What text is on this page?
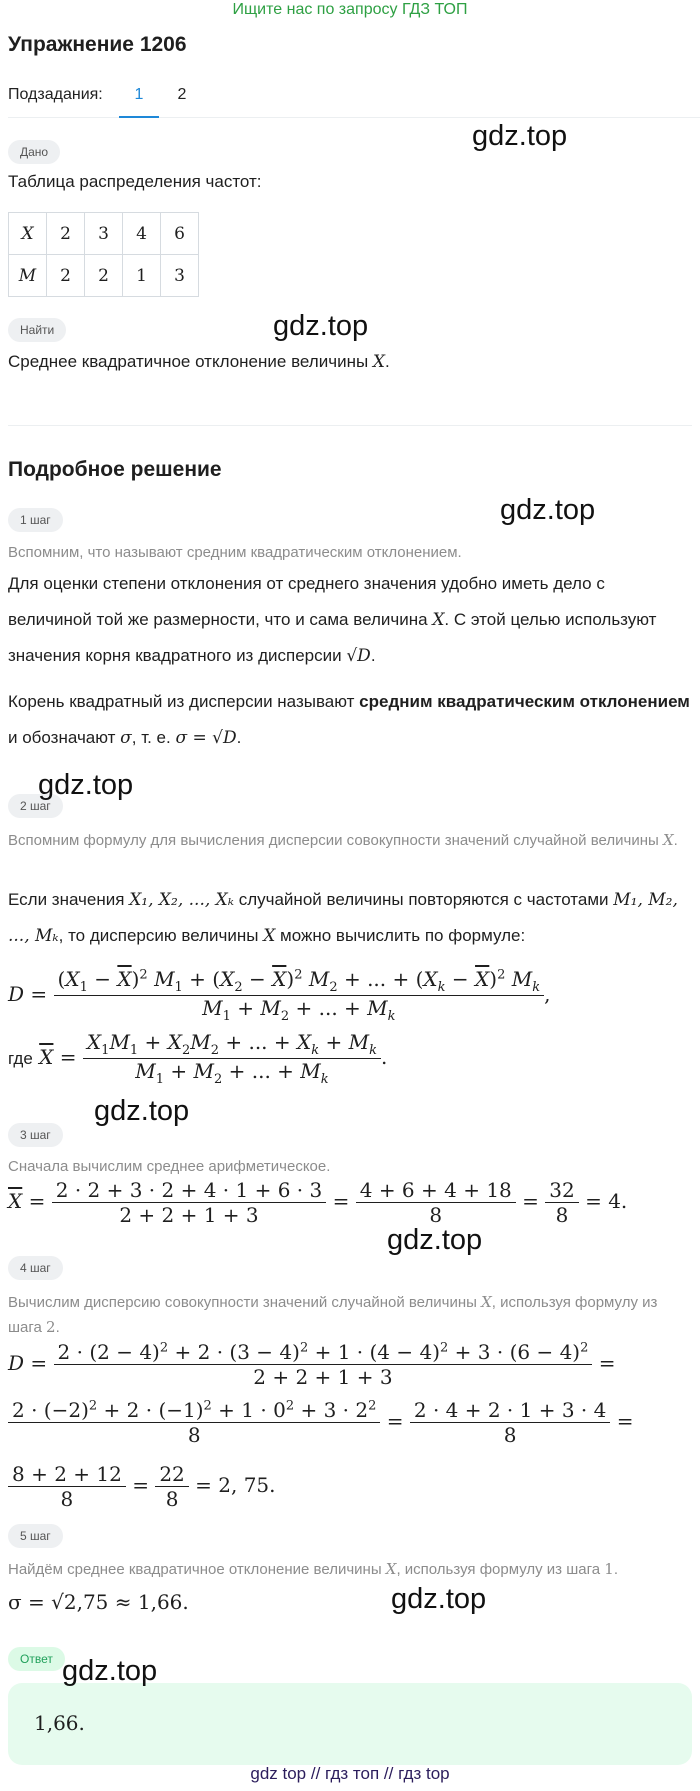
Ищите нас по запросу ГДЗ ТОП
Упражнение 1206
Подзадания:	1	2
Дано
Таблица распределения частот:
X	2	3	4	6
M	2	2	1	3
Найти
Среднее квадратичное отклонение величины X.
Подробное решение
1 шаг
Вспомним, что называют средним квадратическим отклонением.
Для оценки степени отклонения от среднего значения удобно иметь дело с величиной той же размерности, что и сама величина X. С этой целью используют значения корня квадратного из дисперсии √D.
Корень квадратный из дисперсии называют средним квадратическим отклонением и обозначают σ, т. е. σ = √D.
2 шаг
Вспомним формулу для вычисления дисперсии совокупности значений случайной величины X.
Если значения X₁, X₂, ..., Xₖ случайной величины повторяются с частотами M₁, M₂, ..., Mₖ, то дисперсию величины X можно вычислить по формуле:
$D = \frac{(X_1 - \overline{X})^2 M_1 + (X_2 - \overline{X})^2 M_2 + ... + (X_k - \overline{X})^2 M_k}{M_1 + M_2 + ... + M_k}$ ,
где $\overline{X} = \frac{X_1M_1 + X_2M_2 + ... + X_k + M_k}{M_1 + M_2 + ... + M_k}$ .
3 шаг
Сначала вычислим среднее арифметическое.
$\overline{X} = \frac{2 \cdot 2 + 3 \cdot 2 + 4 \cdot 1 + 6 \cdot 3}{2 + 2 + 1 + 3} = \frac{4 + 6 + 4 + 18}{8} = \frac{32}{8} = 4$.
4 шаг
Вычислим дисперсию совокупности значений случайной величины X, используя формулу из шага 2.
$D = \frac{2 \cdot (2 - 4)^2 + 2 \cdot (3 - 4)^2 + 1 \cdot (4 - 4)^2 + 3 \cdot (6 - 4)^2}{2 + 2 + 1 + 3}$ =
$\frac{2 \cdot (-2)^2 + 2 \cdot (-1)^2 + 1 \cdot 0^2 + 3 \cdot 2^2}{8} = \frac{2 \cdot 4 + 2 \cdot 1 + 3 \cdot 4}{8}$ =
$\frac{8 + 2 + 12}{8} = \frac{22}{8} = 2$, 75.
5 шаг
Найдём среднее квадратичное отклонение величины X, используя формулу из шага 1.
σ = √2,75 ≈ 1,66.
Ответ
1,66.
gdz.top
gdz.top
gdz.top
gdz.top
gdz.top
gdz.top
gdz.top
gdz.top
gdz top // гдз топ // гдз top
